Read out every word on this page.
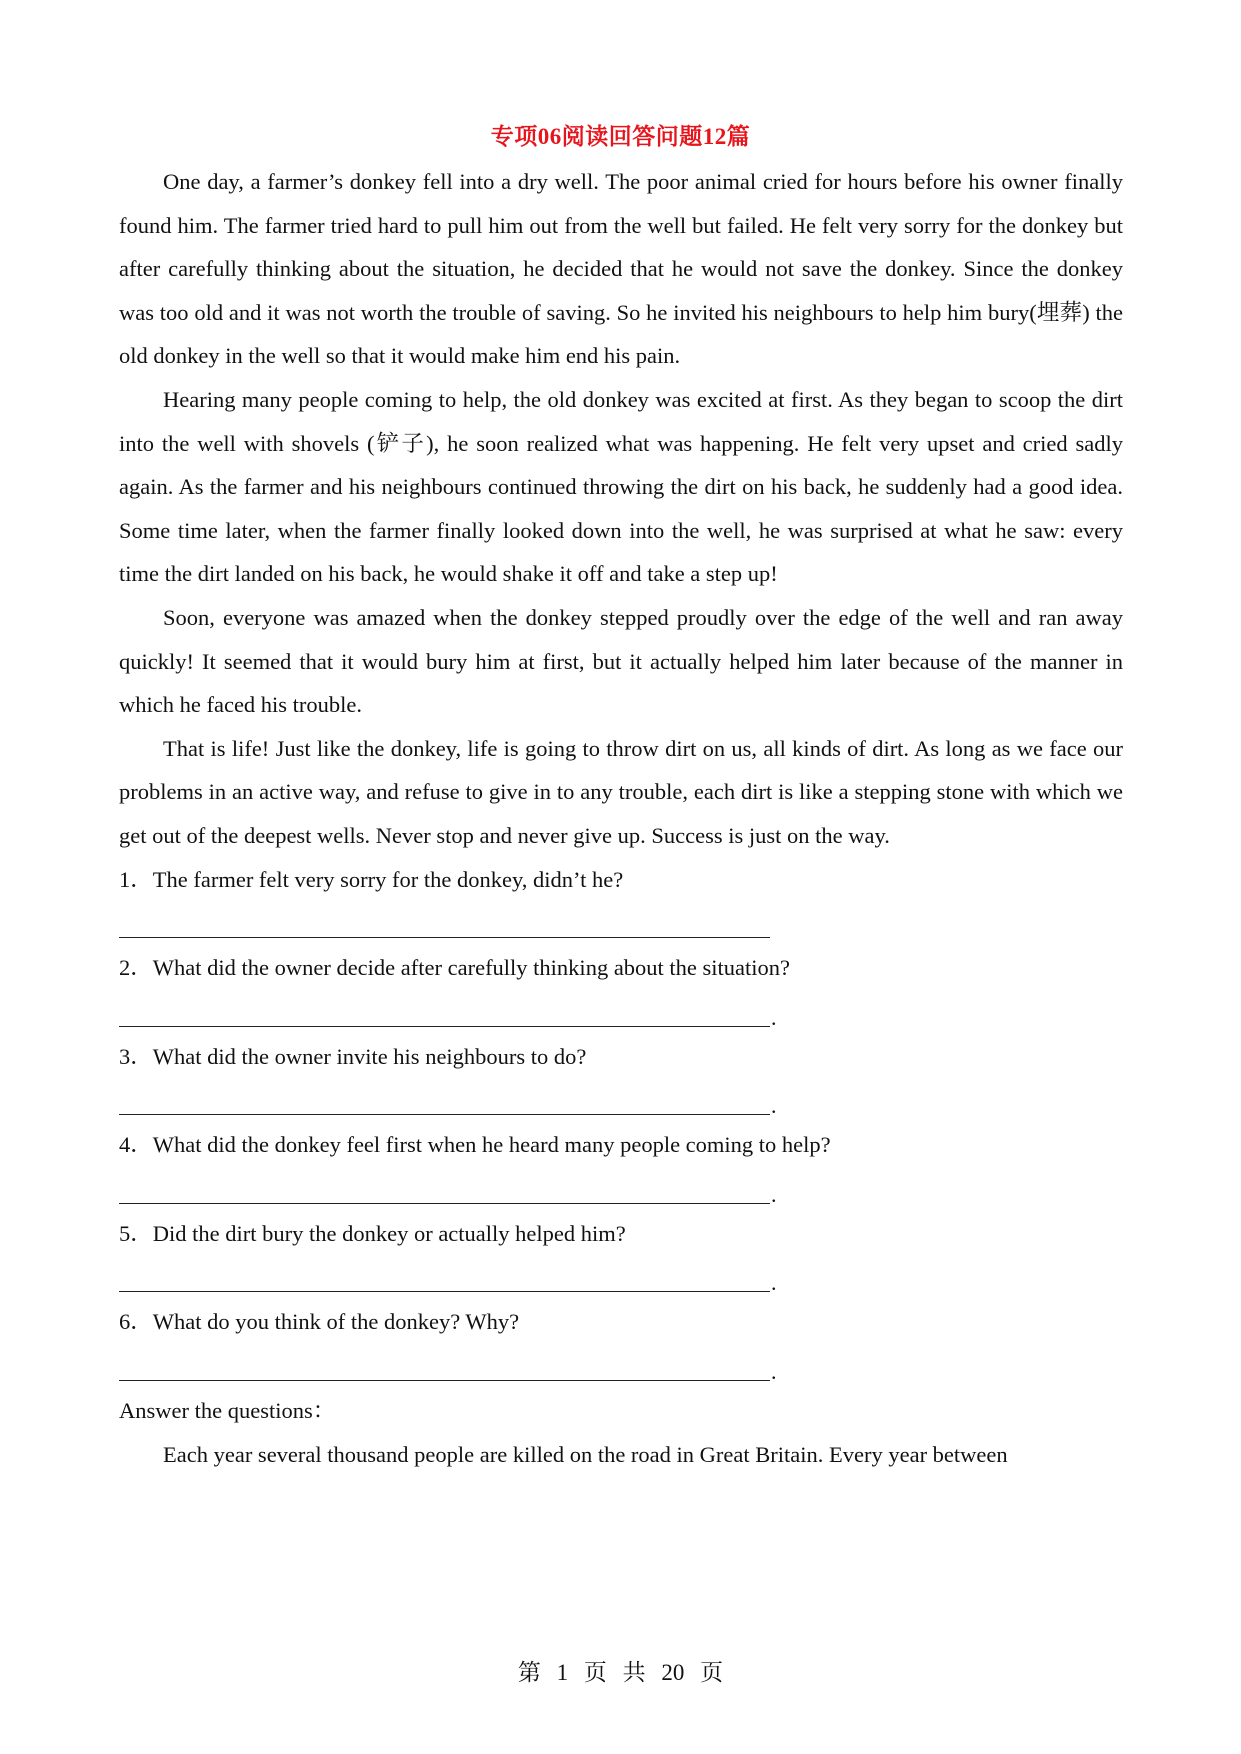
专项06阅读回答问题12篇

One day, a farmer’s donkey fell into a dry well. The poor animal cried for hours before his owner finally found him. The farmer tried hard to pull him out from the well but failed. He felt very sorry for the donkey but after carefully thinking about the situation, he decided that he would not save the donkey. Since the donkey was too old and it was not worth the trouble of saving. So he invited his neighbours to help him bury(埋葬) the old donkey in the well so that it would make him end his pain.

Hearing many people coming to help, the old donkey was excited at first. As they began to scoop the dirt into the well with shovels (铲子), he soon realized what was happening. He felt very upset and cried sadly again. As the farmer and his neighbours continued throwing the dirt on his back, he suddenly had a good idea. Some time later, when the farmer finally looked down into the well, he was surprised at what he saw: every time the dirt landed on his back, he would shake it off and take a step up!

Soon, everyone was amazed when the donkey stepped proudly over the edge of the well and ran away quickly! It seemed that it would bury him at first, but it actually helped him later because of the manner in which he faced his trouble.

That is life! Just like the donkey, life is going to throw dirt on us, all kinds of dirt. As long as we face our problems in an active way, and refuse to give in to any trouble, each dirt is like a stepping stone with which we get out of the deepest wells. Never stop and never give up. Success is just on the way.

1．The farmer felt very sorry for the donkey, didn’t he?
2．What did the owner decide after carefully thinking about the situation?
.
3．What did the owner invite his neighbours to do?
.
4．What did the donkey feel first when he heard many people coming to help?
.
5．Did the dirt bury the donkey or actually helped him?
.
6．What do you think of the donkey? Why?
.
Answer the questions：

Each year several thousand people are killed on the road in Great Britain. Every year between

第 1 页 共 20 页
